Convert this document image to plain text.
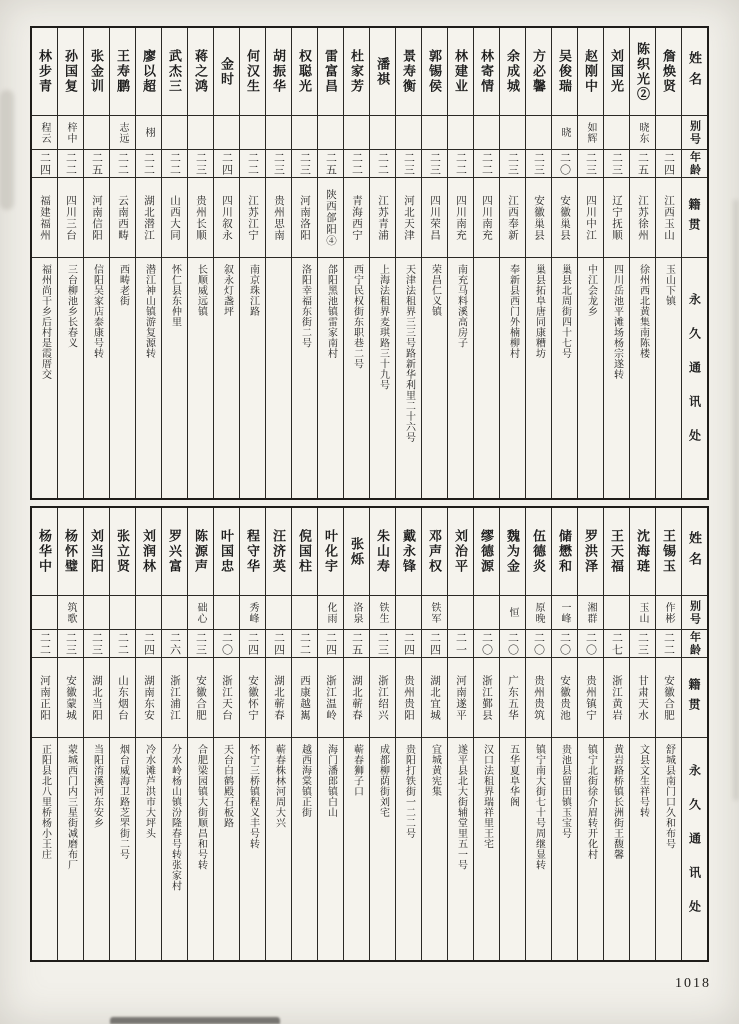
林步青
程云
二四
福建福州
福州尚干乡后村是霞厝交
孙国复
梓中
二二
四川三台
三台柳池乡长春义
张金训
二五
河南信阳
信阳吴家店泰康号转
王寿鹏
志远
二二
云南西畴
西畴老街
廖以超
栩
二二
湖北潜江
潜江神山镇游复源转
武杰三
二二
山西大同
怀仁县东仲里
蒋之鸿
二三
贵州长顺
长顺威远镇
金时
二四
四川叙永
叙永灯盏坪
何汉生
二二
江苏江宁
南京珠江路
胡振华
二三
贵州思南
权聪光
二三
河南洛阳
洛阳幸福东街二号
雷富昌
二五
陕西郃阳④
郃阳黑池镇雷家南村
杜家芳
二二
青海西宁
西宁民权街东职巷二号
潘祺
二二
江苏青浦
上海法租界麦琪路三十九号
景寿衡
二三
河北天津
天津法租界三三号路新华利里二十六号
郭锡侯
二三
四川荣昌
荣昌仁义镇
林建业
二二
四川南充
南充马料溪高房子
林寄情
二二
四川南充
余成城
二三
江西奉新
奉新县西门外楠柳村
方必馨
二三
安徽巢县
巢县拓阜唐同康糟坊
吴俊瑞
晓
二〇
安徽巢县
巢县北周街四十七号
赵刚中
如辉
二三
四川中江
中江会龙乡
刘国光
二三
辽宁抚顺
四川岳池平滩场杨宗遂转
陈织光②
晓东
二五
江苏徐州
徐州西北黄集南陈楼
詹焕贤
二四
江西玉山
玉山下镇
姓名
别号
年龄
籍贯
永久通讯处
杨华中
二二
河南正阳
正阳县北八里桥杨小王庄
杨怀璧
筑歌
二三
安徽蒙城
蒙城西门内三星街减磨布厂
刘当阳
二三
湖北当阳
当阳淯溪河东安乡
张立贤
二二
山东烟台
烟台威海卫路芝罘街二号
刘润林
二四
湖南东安
冷水滩芦洪市大坪头
罗兴富
二六
浙江浦江
分水岭杨山镇汾隆春号转张家村
陈源声
础心
二三
安徽合肥
合肥梁园镇大街顺昌和号转
叶国忠
二〇
浙江天台
天台白鹤殿石板路
程守华
秀峰
二四
安徽怀宁
怀宁三桥镇程义丰号转
汪济英
二四
湖北蕲春
蕲春株林河周大兴
倪国柱
二二
西康越嶲
越西海棠镇正街
叶化宇
化雨
二四
浙江温岭
海门潘郎镇白山
张烁
洛泉
二五
湖北蕲春
蕲春狮子口
朱山寿
铁生
二三
浙江绍兴
成都柳荫街刘宅
戴永锋
二四
贵州贵阳
贵阳打铁街一二二号
邓声权
铁军
二四
湖北宜城
宜城黄宪集
刘治平
二一
河南遂平
遂平县北大街辅堂里五一号
缪德源
二〇
浙江鄞县
汉口法租界瑞祥里王宅
魏为金
恒
二〇
广东五华
五华夏阜华阁
伍德炎
原晚
二〇
贵州贵筑
镇宁南大街七十号周继显转
储懋和
一峰
二〇
安徽贵池
贵池县留田镇玉宝号
罗洪泽
湘群
二〇
贵州镇宁
镇宁北街徐介眉转开化村
王天福
二七
浙江黄岩
黄岩路桥镇长洲街王馥馨
沈海琏
玉山
二三
甘肃天水
文县文生祥号转
王锡玉
作彬
二二
安徽合肥
舒城县南门口久和布号
姓名
别号
年龄
籍贯
永久通讯处
1018
